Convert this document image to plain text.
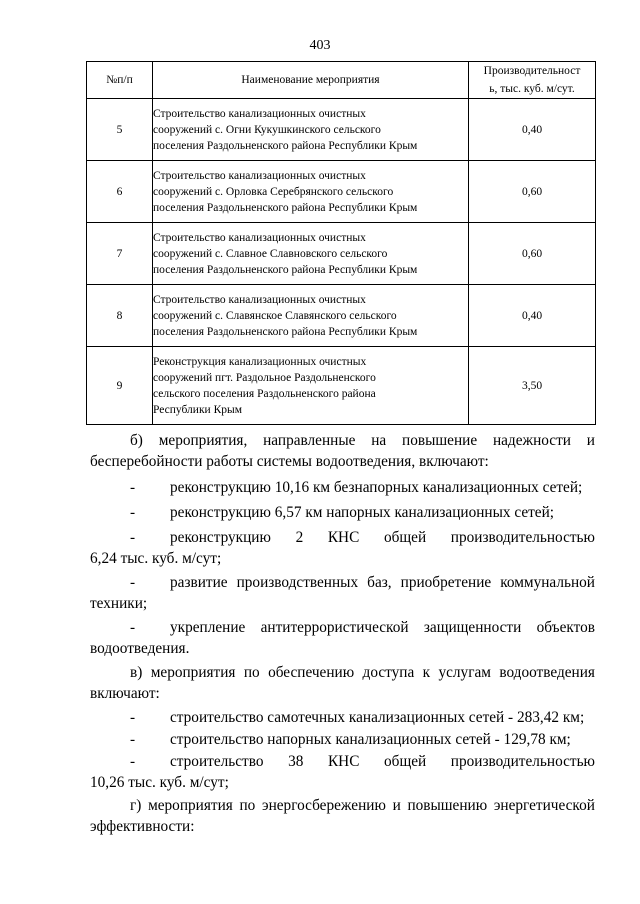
403
№п/п	Наименование мероприятия	Производительност
ь, тыс. куб. м/сут.

5	Строительство канализационных очистных
сооружений с. Огни Кукушкинского сельского
поселения Раздольненского района Республики Крым	0,40
6	Строительство канализационных очистных
сооружений с. Орловка Серебрянского сельского
поселения Раздольненского района Республики Крым	0,60
7	Строительство канализационных очистных
сооружений с. Славное Славновского сельского
поселения Раздольненского района Республики Крым	0,60
8	Строительство канализационных очистных
сооружений с. Славянское Славянского сельского
поселения Раздольненского района Республики Крым	0,40
9	Реконструкция канализационных очистных
сооружений пгт. Раздольное Раздольненского
сельского поселения Раздольненского района
Республики Крым	3,50
б) мероприятия, направленные на повышение надежности и
бесперебойности работы системы водоотведения, включают:
-	реконструкцию 10,16 км безнапорных канализационных сетей;
-	реконструкцию 6,57 км напорных канализационных сетей;
-	реконструкцию 2 КНС общей производительностью
6,24 тыс. куб. м/сут;
-	развитие производственных баз, приобретение коммунальной
техники;
-	укрепление антитеррористической защищенности объектов
водоотведения.
в) мероприятия по обеспечению доступа к услугам водоотведения
включают:
-	строительство самотечных канализационных сетей - 283,42 км;
-	строительство напорных канализационных сетей - 129,78 км;
-	строительство 38 КНС общей производительностью
10,26 тыс. куб. м/сут;
г) мероприятия по энергосбережению и повышению энергетической
эффективности:
